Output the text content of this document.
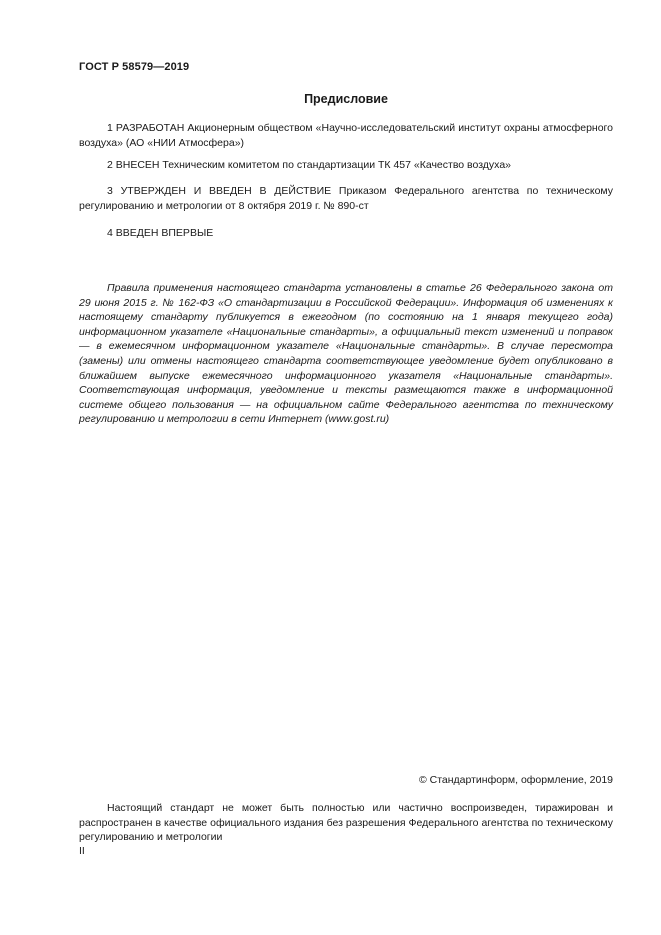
ГОСТ Р 58579—2019
Предисловие
1 РАЗРАБОТАН Акционерным обществом «Научно-исследовательский институт охраны атмосферного воздуха» (АО «НИИ Атмосфера»)
2 ВНЕСЕН Техническим комитетом по стандартизации ТК 457 «Качество воздуха»
3 УТВЕРЖДЕН И ВВЕДЕН В ДЕЙСТВИЕ Приказом Федерального агентства по техническому регулированию и метрологии от 8 октября 2019 г. № 890-ст
4 ВВЕДЕН ВПЕРВЫЕ
Правила применения настоящего стандарта установлены в статье 26 Федерального закона от 29 июня 2015 г. № 162-ФЗ «О стандартизации в Российской Федерации». Информация об изменениях к настоящему стандарту публикуется в ежегодном (по состоянию на 1 января текущего года) информационном указателе «Национальные стандарты», а официальный текст изменений и поправок — в ежемесячном информационном указателе «Национальные стандарты». В случае пересмотра (замены) или отмены настоящего стандарта соответствующее уведомление будет опубликовано в ближайшем выпуске ежемесячного информационного указателя «Национальные стандарты». Соответствующая информация, уведомление и тексты размещаются также в информационной системе общего пользования — на официальном сайте Федерального агентства по техническому регулированию и метрологии в сети Интернет (www.gost.ru)
© Стандартинформ, оформление, 2019
Настоящий стандарт не может быть полностью или частично воспроизведен, тиражирован и распространен в качестве официального издания без разрешения Федерального агентства по техническому регулированию и метрологии
II
